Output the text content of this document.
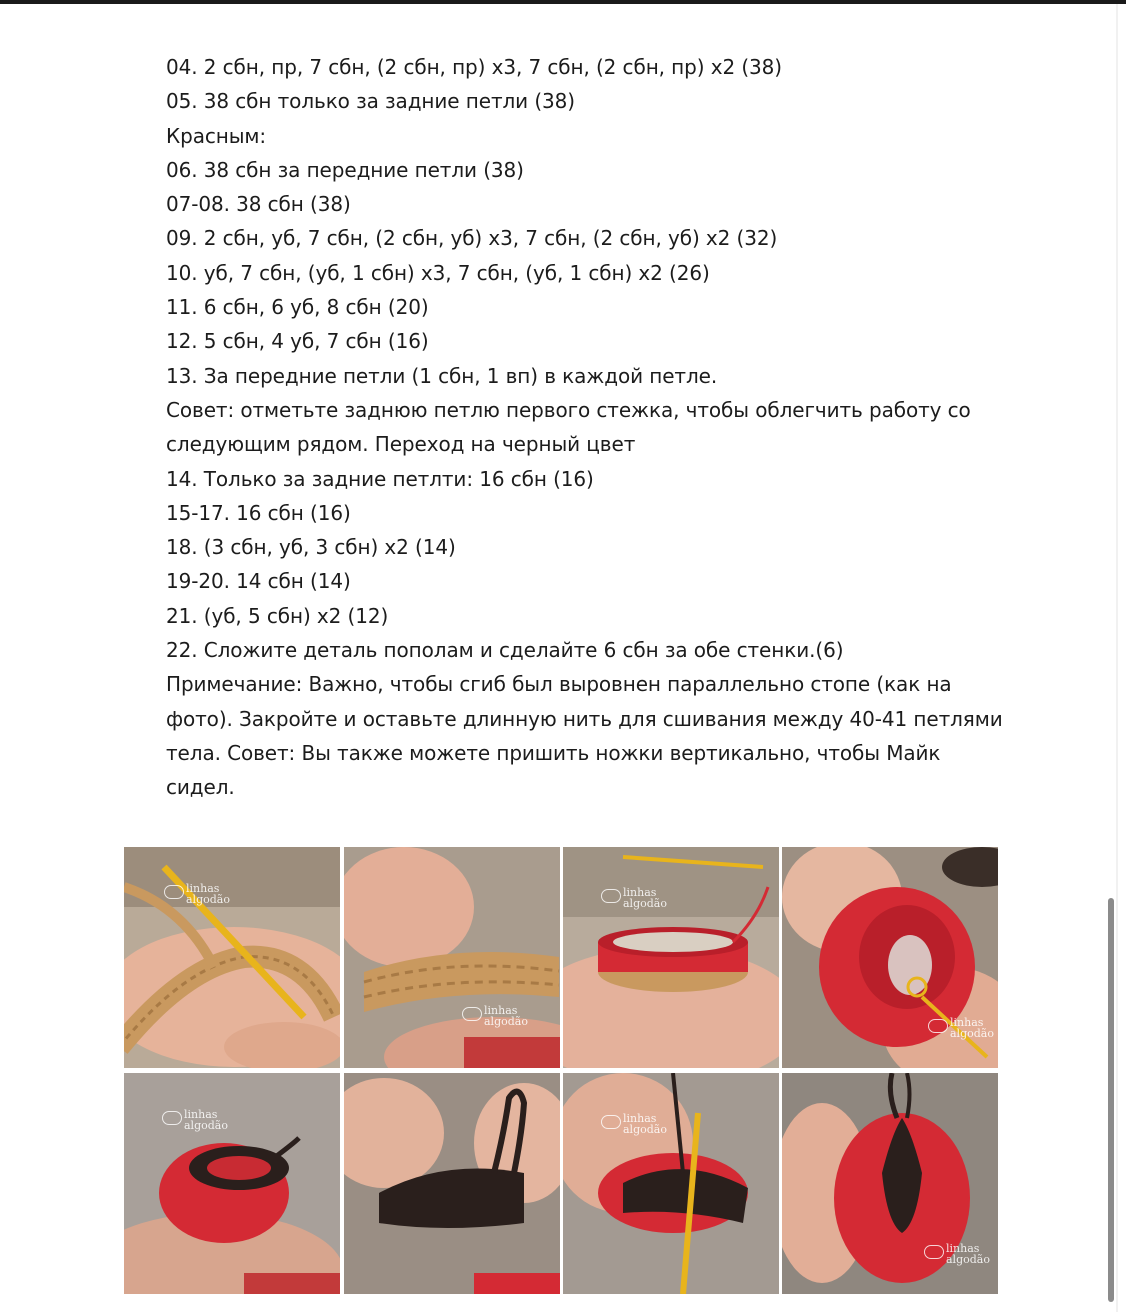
04. 2 сбн, пр, 7 сбн, (2 сбн, пр) х3, 7 сбн, (2 сбн, пр) х2 (38)
05. 38 сбн только за задние петли (38)
Красным:
06. 38 сбн за передние петли (38)
07-08. 38 сбн (38)
09. 2 сбн, уб, 7 сбн, (2 сбн, уб) х3, 7 сбн, (2 сбн, уб) х2 (32)
10. уб, 7 сбн, (уб, 1 сбн) х3, 7 сбн, (уб, 1 сбн) х2 (26)
11. 6 сбн, 6 уб, 8 сбн (20)
12. 5 сбн, 4 уб, 7 сбн (16)
13. За передние петли (1 сбн, 1 вп) в каждой петле.
Совет: отметьте заднюю петлю первого стежка, чтобы облегчить работу со
следующим рядом. Переход на черный цвет
14. Только за задние петлти: 16 сбн (16)
15-17. 16 сбн (16)
18. (3 сбн, уб, 3 сбн) х2 (14)
19-20. 14 сбн (14)
21. (уб, 5 сбн) х2 (12)
22. Сложите деталь пополам и сделайте 6 сбн за обе стенки.(6)
Примечание: Важно, чтобы сгиб был выровнен параллельно стопе (как на
фото). Закройте и оставьте длинную нить для сшивания между 40-41 петлями
тела. Совет: Вы также можете пришить ножки вертикально, чтобы Майк
сидел.
linhas
algodão
linhas
algodão
linhas
algodão
linhas
algodão
linhas
algodão
linhas
algodão
linhas
algodão
